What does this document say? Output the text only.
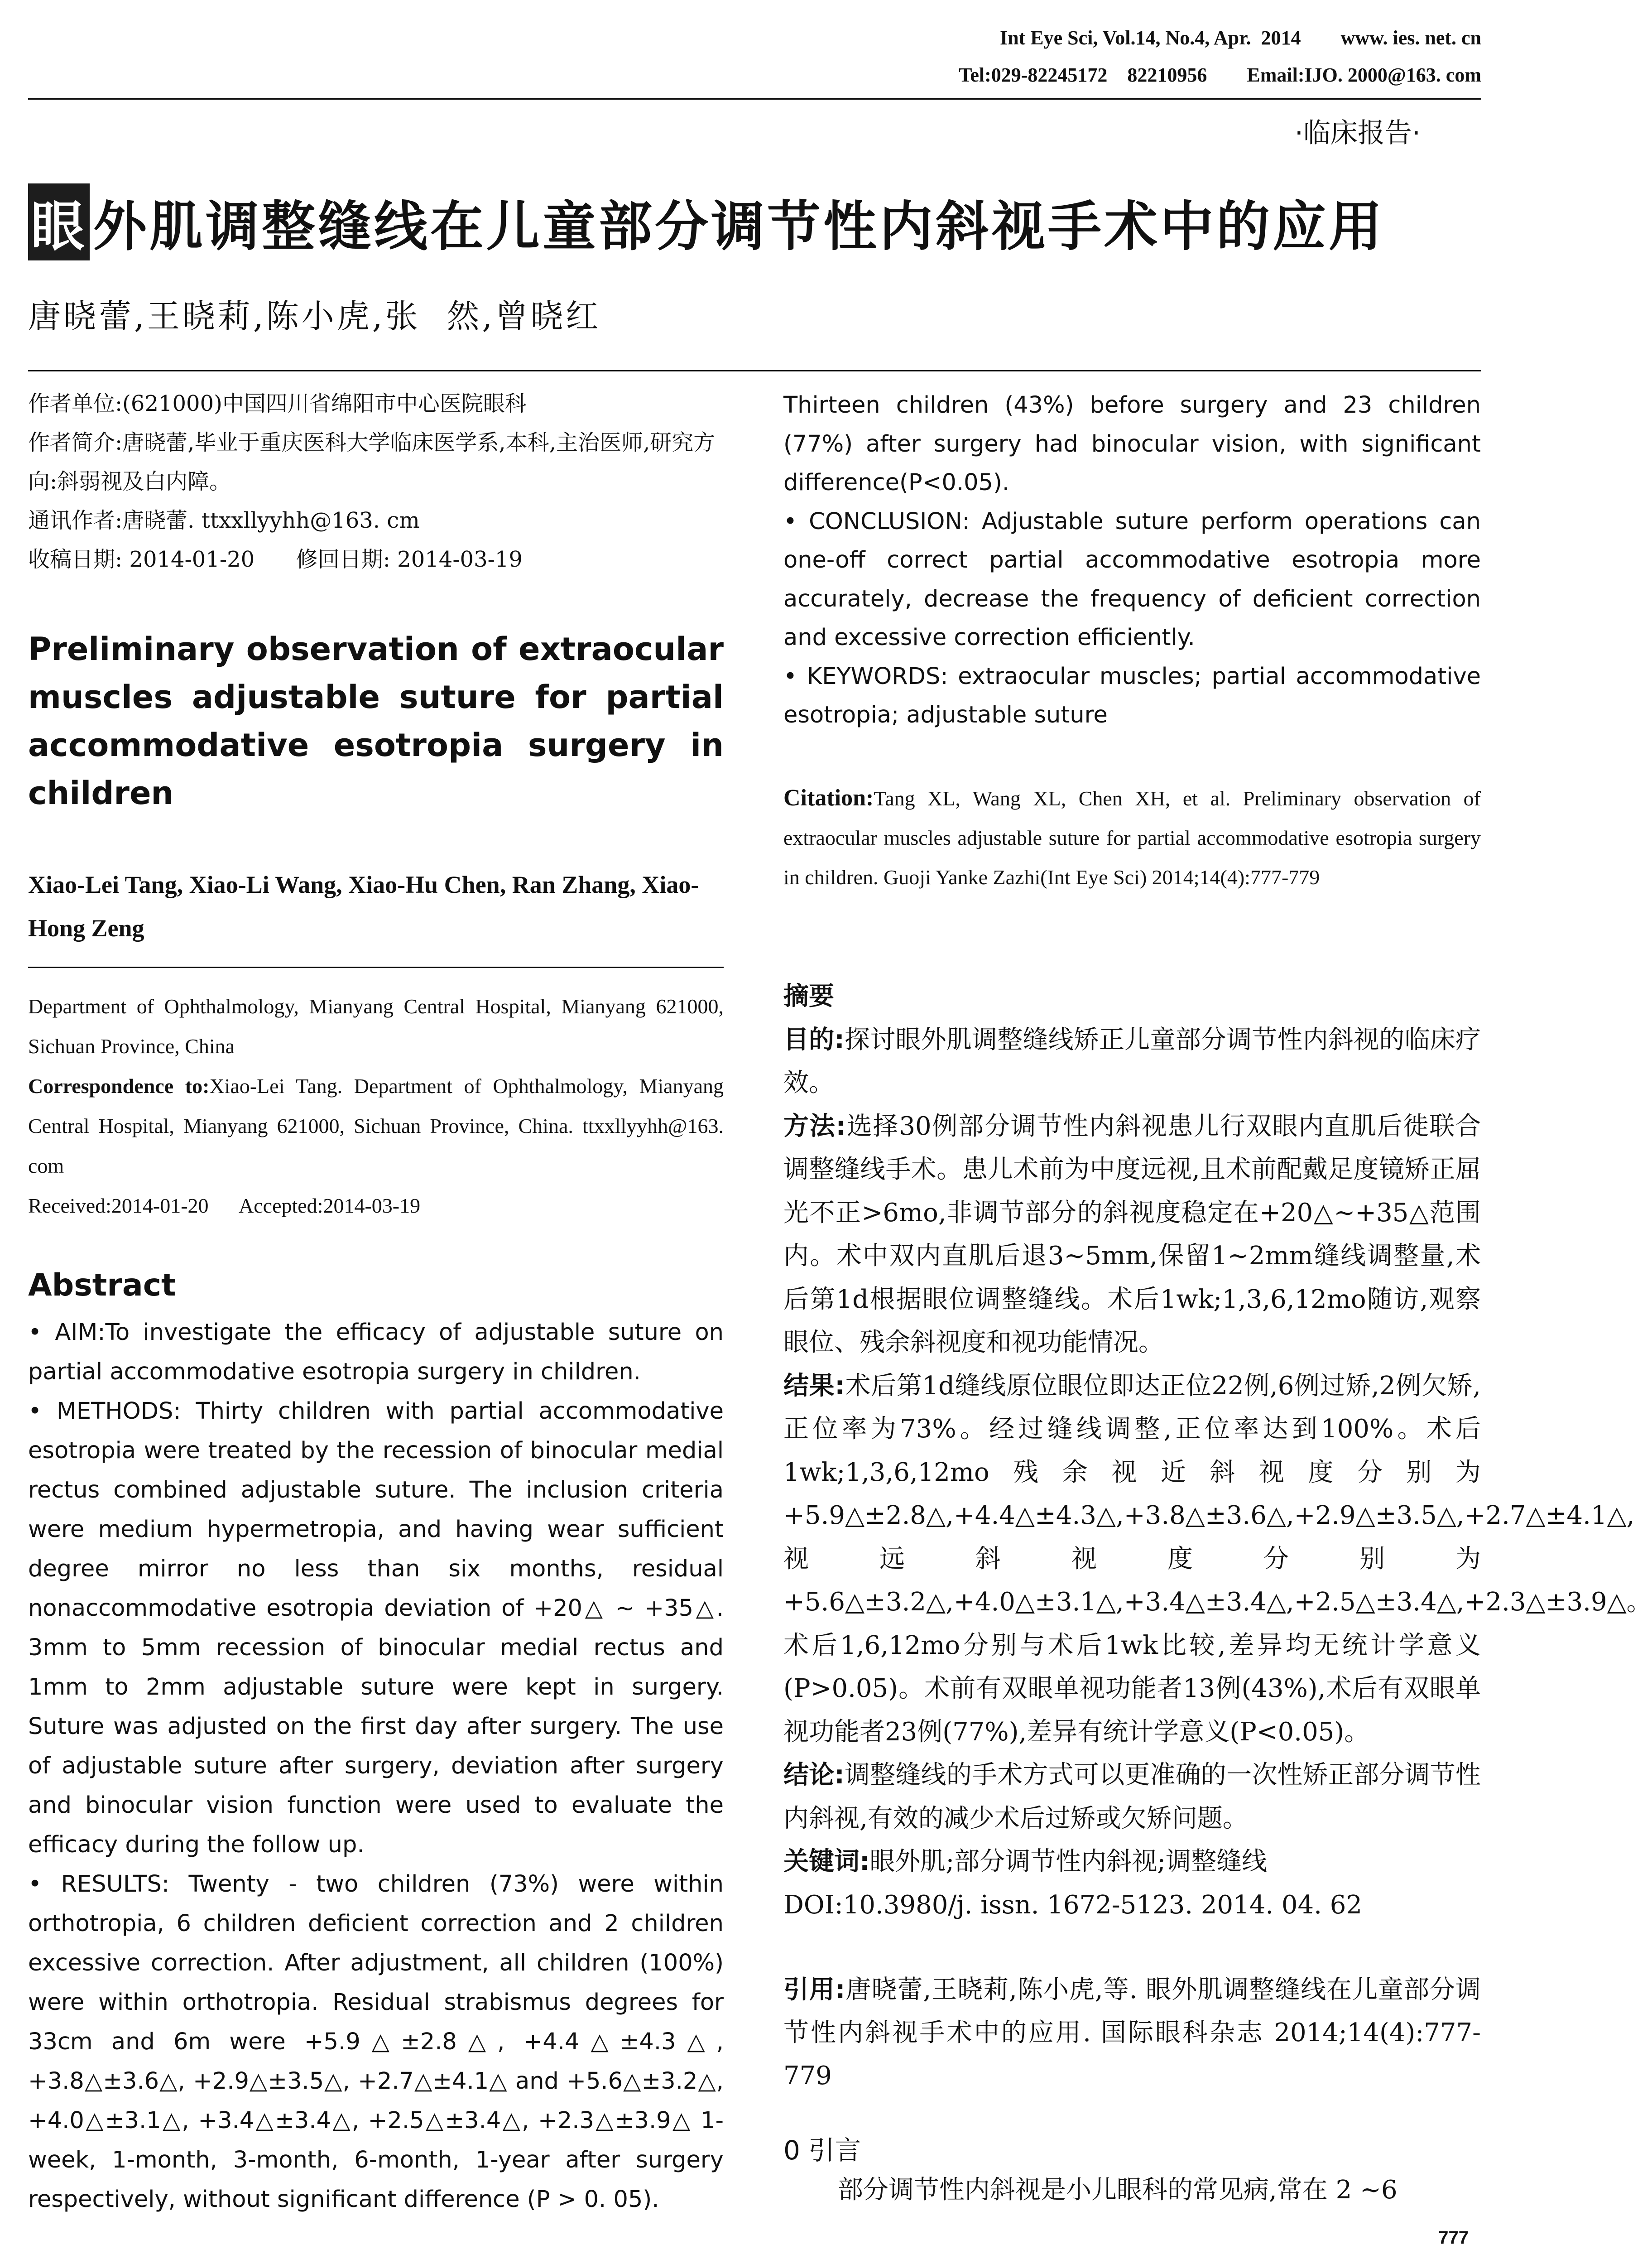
Int Eye Sci, Vol.14, No.4, Apr.  2014        www. ies. net. cn
Tel:029-82245172    82210956        Email:IJO. 2000@163. com
·临床报告·
眼 外肌调整缝线在儿童部分调节性内斜视手术中的应用
唐晓蕾,王晓莉,陈小虎,张  然,曾晓红
作者单位:(621000)中国四川省绵阳市中心医院眼科
作者简介:唐晓蕾,毕业于重庆医科大学临床医学系,本科,主治医师,研究方向:斜弱视及白内障。
通讯作者:唐晓蕾. ttxxllyyhh@163. cm
收稿日期: 2014-01-20      修回日期: 2014-03-19
Preliminary observation of extraocular muscles adjustable suture for partial accommodative esotropia surgery in children
Xiao-Lei Tang, Xiao-Li Wang, Xiao-Hu Chen, Ran Zhang, Xiao-Hong Zeng
Department of Ophthalmology, Mianyang Central Hospital, Mianyang 621000, Sichuan Province, China
Correspondence to:Xiao-Lei Tang. Department of Ophthalmology, Mianyang Central Hospital, Mianyang 621000, Sichuan Province, China. ttxxllyyhh@163. com
Received:2014-01-20      Accepted:2014-03-19
Abstract

• AIM:To investigate the efficacy of adjustable suture on partial accommodative esotropia surgery in children.

• METHODS: Thirty children with partial accommodative esotropia were treated by the recession of binocular medial rectus combined adjustable suture. The inclusion criteria were medium hypermetropia, and having wear sufficient degree mirror no less than six months, residual nonaccommodative esotropia deviation of +20△ ~ +35△. 3mm to 5mm recession of binocular medial rectus and 1mm to 2mm adjustable suture were kept in surgery. Suture was adjusted on the first day after surgery. The use of adjustable suture after surgery, deviation after surgery and binocular vision function were used to evaluate the efficacy during the follow up.

• RESULTS: Twenty - two children (73%) were within orthotropia, 6 children deficient correction and 2 children excessive correction. After adjustment, all children (100%) were within orthotropia. Residual strabismus degrees for 33cm and 6m were +5.9△±2.8△, +4.4△±4.3△, +3.8△±3.6△, +2.9△±3.5△, +2.7△±4.1△ and +5.6△±3.2△, +4.0△±3.1△, +3.4△±3.4△, +2.5△±3.4△, +2.3△±3.9△ 1-week, 1-month, 3-month, 6-month, 1-year after surgery respectively, without significant difference (P > 0. 05).

Thirteen children (43%) before surgery and 23 children (77%) after surgery had binocular vision, with significant difference(P<0.05).

• CONCLUSION: Adjustable suture perform operations can one-off correct partial accommodative esotropia more accurately, decrease the frequency of deficient correction and excessive correction efficiently.

• KEYWORDS: extraocular muscles; partial accommodative esotropia; adjustable suture

Citation:Tang XL, Wang XL, Chen XH, et al. Preliminary observation of extraocular muscles adjustable suture for partial accommodative esotropia surgery in children. Guoji Yanke Zazhi(Int Eye Sci) 2014;14(4):777-779

摘要

目的:探讨眼外肌调整缝线矫正儿童部分调节性内斜视的临床疗效。

方法:选择30例部分调节性内斜视患儿行双眼内直肌后徙联合调整缝线手术。患儿术前为中度远视,且术前配戴足度镜矫正屈光不正>6mo,非调节部分的斜视度稳定在+20△~+35△范围内。术中双内直肌后退3~5mm,保留1~2mm缝线调整量,术后第1d根据眼位调整缝线。术后1wk;1,3,6,12mo随访,观察眼位、残余斜视度和视功能情况。

结果:术后第1d缝线原位眼位即达正位22例,6例过矫,2例欠矫,正位率为73%。经过缝线调整,正位率达到100%。术后1wk;1,3,6,12mo残余视近斜视度分别为+5.9△±2.8△,+4.4△±4.3△,+3.8△±3.6△,+2.9△±3.5△,+2.7△±4.1△,视远斜视度分别为+5.6△±3.2△,+4.0△±3.1△,+3.4△±3.4△,+2.5△±3.4△,+2.3△±3.9△。术后1,6,12mo分别与术后1wk比较,差异均无统计学意义(P>0.05)。术前有双眼单视功能者13例(43%),术后有双眼单视功能者23例(77%),差异有统计学意义(P<0.05)。

结论:调整缝线的手术方式可以更准确的一次性矫正部分调节性内斜视,有效的减少术后过矫或欠矫问题。

关键词:眼外肌;部分调节性内斜视;调整缝线

DOI:10.3980/j. issn. 1672-5123. 2014. 04. 62

引用:唐晓蕾,王晓莉,陈小虎,等. 眼外肌调整缝线在儿童部分调节性内斜视手术中的应用. 国际眼科杂志 2014;14(4):777-779
0 引言
部分调节性内斜视是小儿眼科的常见病,常在 2 ~6
777
